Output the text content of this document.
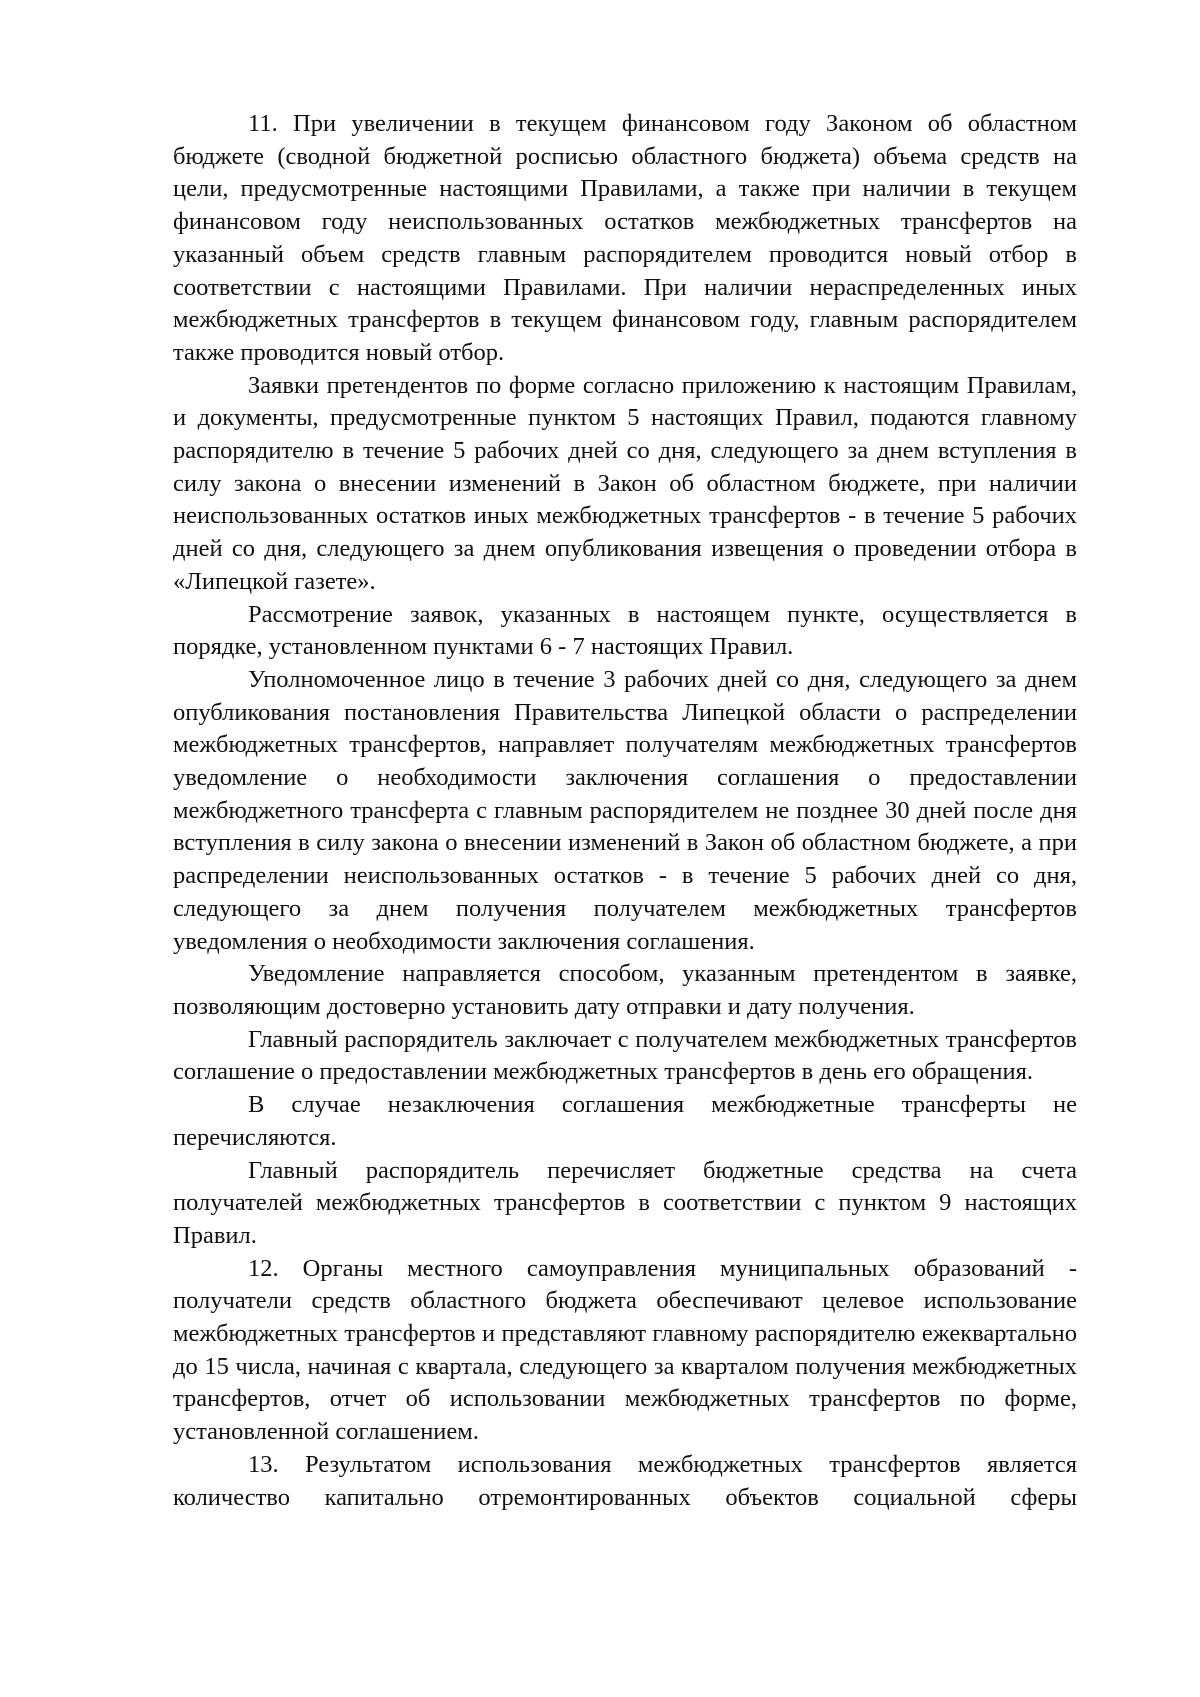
11. При увеличении в текущем финансовом году Законом об областном бюджете (сводной бюджетной росписью областного бюджета) объема средств на цели, предусмотренные настоящими Правилами, а также при наличии в текущем финансовом году неиспользованных остатков межбюджетных трансфертов на указанный объем средств главным распорядителем проводится новый отбор в соответствии с настоящими Правилами. При наличии нераспределенных иных межбюджетных трансфертов в текущем финансовом году, главным распорядителем также проводится новый отбор.

Заявки претендентов по форме согласно приложению к настоящим Правилам, и документы, предусмотренные пунктом 5 настоящих Правил, подаются главному распорядителю в течение 5 рабочих дней со дня, следующего за днем вступления в силу закона о внесении изменений в Закон об областном бюджете, при наличии неиспользованных остатков иных межбюджетных трансфертов - в течение 5 рабочих дней со дня, следующего за днем опубликования извещения о проведении отбора в «Липецкой газете».

Рассмотрение заявок, указанных в настоящем пункте, осуществляется в порядке, установленном пунктами 6 - 7 настоящих Правил.

Уполномоченное лицо в течение 3 рабочих дней со дня, следующего за днем опубликования постановления Правительства Липецкой области о распределении межбюджетных трансфертов, направляет получателям межбюджетных трансфертов уведомление о необходимости заключения соглашения о предоставлении межбюджетного трансферта с главным распорядителем не позднее 30 дней после дня вступления в силу закона о внесении изменений в Закон об областном бюджете, а при распределении неиспользованных остатков - в течение 5 рабочих дней со дня, следующего за днем получения получателем межбюджетных трансфертов уведомления о необходимости заключения соглашения.

Уведомление направляется способом, указанным претендентом в заявке, позволяющим достоверно установить дату отправки и дату получения.

Главный распорядитель заключает с получателем межбюджетных трансфертов соглашение о предоставлении межбюджетных трансфертов в день его обращения.

В случае незаключения соглашения межбюджетные трансферты не перечисляются.

Главный распорядитель перечисляет бюджетные средства на счета получателей межбюджетных трансфертов в соответствии с пунктом 9 настоящих Правил.

12. Органы местного самоуправления муниципальных образований - получатели средств областного бюджета обеспечивают целевое использование межбюджетных трансфертов и представляют главному распорядителю ежеквартально до 15 числа, начиная с квартала, следующего за кварталом получения межбюджетных трансфертов, отчет об использовании межбюджетных трансфертов по форме, установленной соглашением.

13. Результатом использования межбюджетных трансфертов является количество капитально отремонтированных объектов социальной сферы
